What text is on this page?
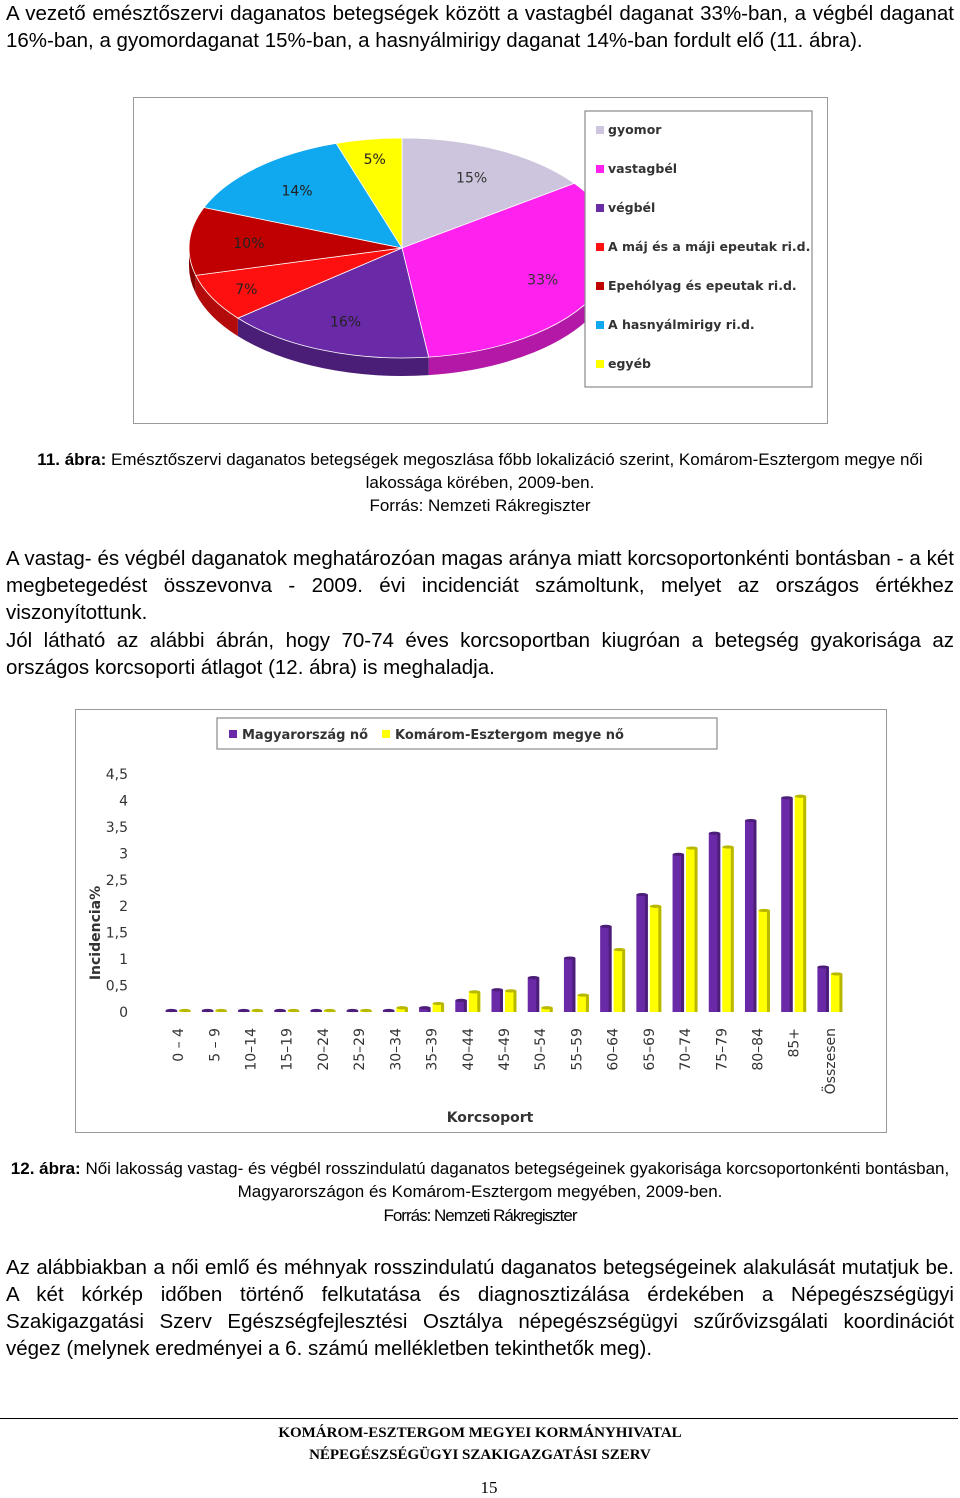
A vezető emésztőszervi daganatos betegségek között a vastagbél daganat 33%-ban, a végbél daganat 16%-ban, a gyomordaganat 15%-ban, a hasnyálmirigy daganat 14%-ban fordult elő (11. ábra).

15%
33%
16%
7%
10%
14%
5%
gyomor
vastagbél
végbél
A máj és a máji epeutak ri.d.
Epehólyag és epeutak ri.d.
A hasnyálmirigy ri.d.
egyéb

11. ábra: Emésztőszervi daganatos betegségek megoszlása főbb lokalizáció szerint, Komárom-Esztergom megye női lakossága körében, 2009-ben.

Forrás: Nemzeti Rákregiszter

A vastag- és végbél daganatok meghatározóan magas aránya miatt korcsoportonkénti bontásban - a két megbetegedést összevonva - 2009. évi incidenciát számoltunk, melyet az országos értékhez viszonyítottunk.

Jól látható az alábbi ábrán, hogy 70-74 éves korcsoportban kiugróan a betegség gyakorisága az országos korcsoporti átlagot (12. ábra) is meghaladja.

Magyarország nő Komárom-Esztergom megye nő
0
0,5
1
1,5
2
2,5
3
3,5
4
4,5
Incidencia%
Korcsoport
0 – 4 5 – 9 10–14 15–19 20–24 25–29 30–34 35–39 40–44 45–49 50–54 55–59 60–64 65–69 70–74 75–79 80–84 85+ Összesen

12. ábra: Női lakosság vastag- és végbél rosszindulatú daganatos betegségeinek gyakorisága korcsoportonkénti bontásban, Magyarországon és Komárom-Esztergom megyében, 2009-ben.

Forrás: Nemzeti Rákregiszter

Az alábbiakban a női emlő és méhnyak rosszindulatú daganatos betegségeinek alakulását mutatjuk be. A két kórkép időben történő felkutatása és diagnosztizálása érdekében a Népegészségügyi Szakigazgatási Szerv Egészségfejlesztési Osztálya népegészségügyi szűrővizsgálati koordinációt végez (melynek eredményei a 6. számú mellékletben tekinthetők meg).

KOMÁROM-ESZTERGOM MEGYEI KORMÁNYHIVATAL
NÉPEGÉSZSÉGÜGYI SZAKIGAZGATÁSI SZERV
15
